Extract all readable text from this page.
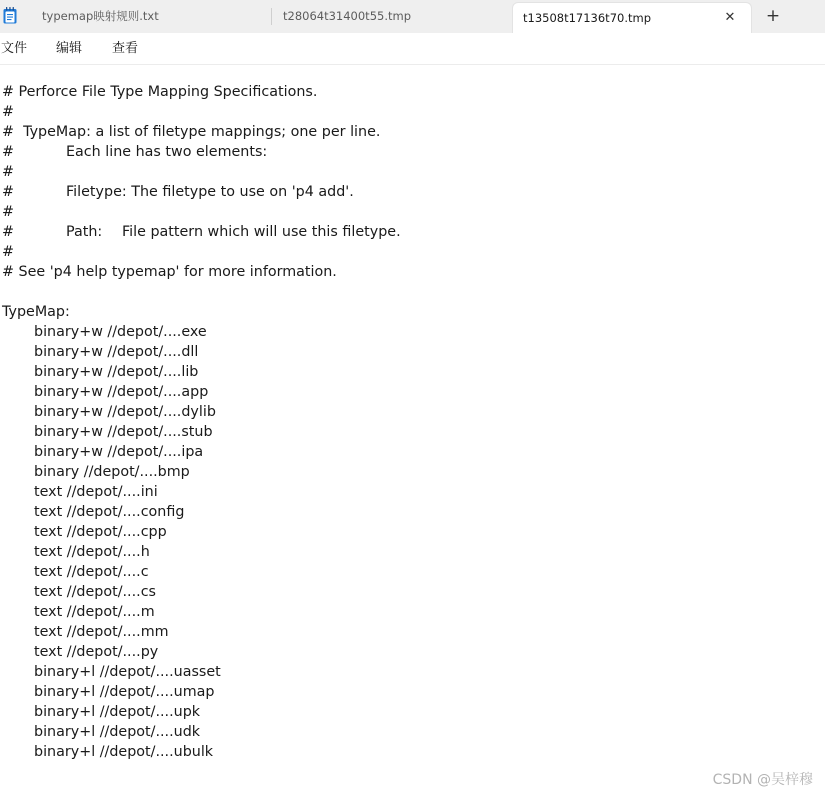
typemap映射规则.txt	t28064t31400t55.tmp	t13508t17136t70.tmp	✕ +
文件 编辑 查看
# Perforce File Type Mapping Specifications.
#
#  TypeMap: a list of filetype mappings; one per line.
#	Each line has two elements:
#
#	Filetype: The filetype to use on 'p4 add'.
#
#	Path: File pattern which will use this filetype.
#
# See 'p4 help typemap' for more information.
TypeMap:
binary+w //depot/....exe
binary+w //depot/....dll
binary+w //depot/....lib
binary+w //depot/....app
binary+w //depot/....dylib
binary+w //depot/....stub
binary+w //depot/....ipa
binary //depot/....bmp
text //depot/....ini
text //depot/....config
text //depot/....cpp
text //depot/....h
text //depot/....c
text //depot/....cs
text //depot/....m
text //depot/....mm
text //depot/....py
binary+l //depot/....uasset
binary+l //depot/....umap
binary+l //depot/....upk
binary+l //depot/....udk
binary+l //depot/....ubulk
CSDN @吴梓穆
